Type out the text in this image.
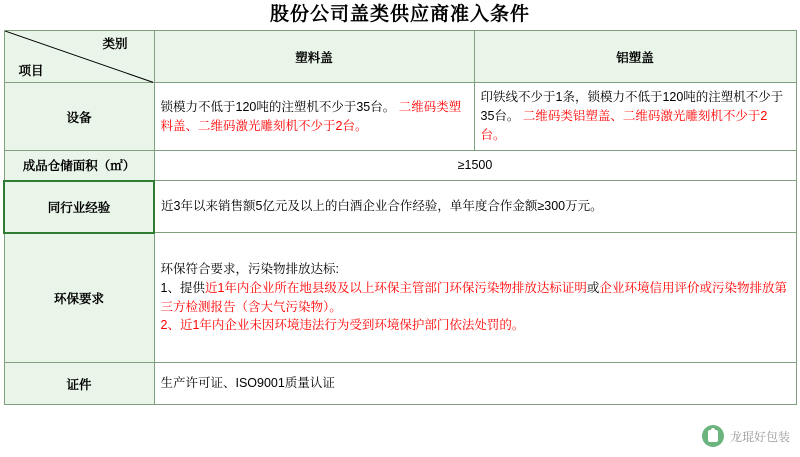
股份公司盖类供应商准入条件
类别
项目	塑料盖	铝塑盖
设备	锁模力不低于120吨的注塑机不少于35台。 二维码类塑料盖、二维码激光雕刻机不少于2台。	印铁线不少于1条，锁模力不低于120吨的注塑机不少于35台。 二维码类铝塑盖、二维码激光雕刻机不少于2台。
成品仓储面积（㎡）	≥1500	
同行业经验	近3年以来销售额5亿元及以上的白酒企业合作经验，单年度合作金额≥300万元。	
环保要求	环保符合要求，污染物排放达标:
1、提供近1年内企业所在地县级及以上环保主管部门环保污染物排放达标证明或企业环境信用评价或污染物排放第三方检测报告（含大气污染物）。
2、近1年内企业未因环境违法行为受到环境保护部门依法处罚的。	

证件	生产许可证、ISO9001质量认证	
龙琨好包装
